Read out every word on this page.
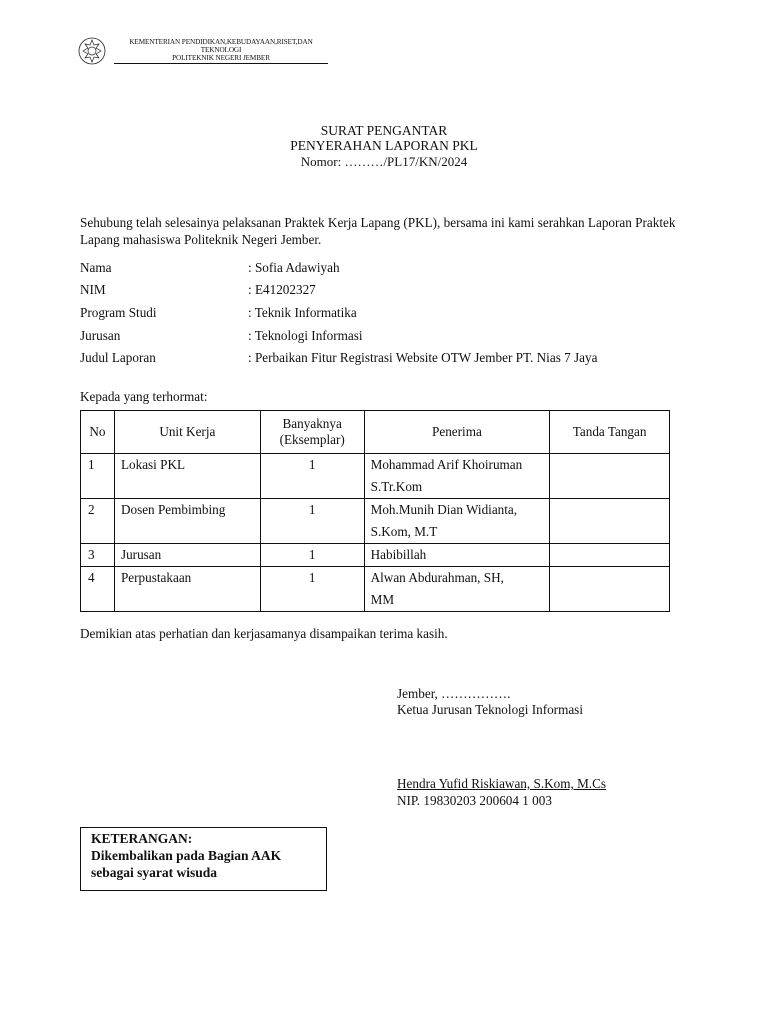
KEMENTERIAN PENDIDIKAN,KEBUDAYAAN,RISET,DAN
TEKNOLOGI
POLITEKNIK NEGERI JEMBER
SURAT PENGANTAR
PENYERAHAN LAPORAN PKL
Nomor: ………/PL17/KN/2024
Sehubung telah selesainya pelaksanan Praktek Kerja Lapang (PKL), bersama ini kami serahkan Laporan Praktek Lapang mahasiswa Politeknik Negeri Jember.
Nama	: Sofia Adawiyah
NIM	: E41202327
Program Studi	: Teknik Informatika
Jurusan	: Teknologi Informasi
Judul Laporan	: Perbaikan Fitur Registrasi Website OTW Jember PT. Nias 7 Jaya
Kepada yang terhormat:
No	Unit Kerja	Banyaknya (Eksemplar)	Penerima	Tanda Tangan
1	Lokasi PKL	1	Mohammad Arif Khoiruman
S.Tr.Kom	

2	Dosen Pembimbing	1	Moh.Munih Dian Widianta,
S.Kom, M.T	

3	Jurusan	1	Habibillah	

4	Perpustakaan	1	Alwan Abdurahman, SH,
MM	

Demikian atas perhatian dan kerjasamanya disampaikan terima kasih.
Jember, …………….
Ketua Jurusan Teknologi Informasi
Hendra Yufid Riskiawan, S.Kom, M.Cs
NIP. 19830203 200604 1 003
KETERANGAN:
Dikembalikan pada Bagian AAK
sebagai syarat wisuda
